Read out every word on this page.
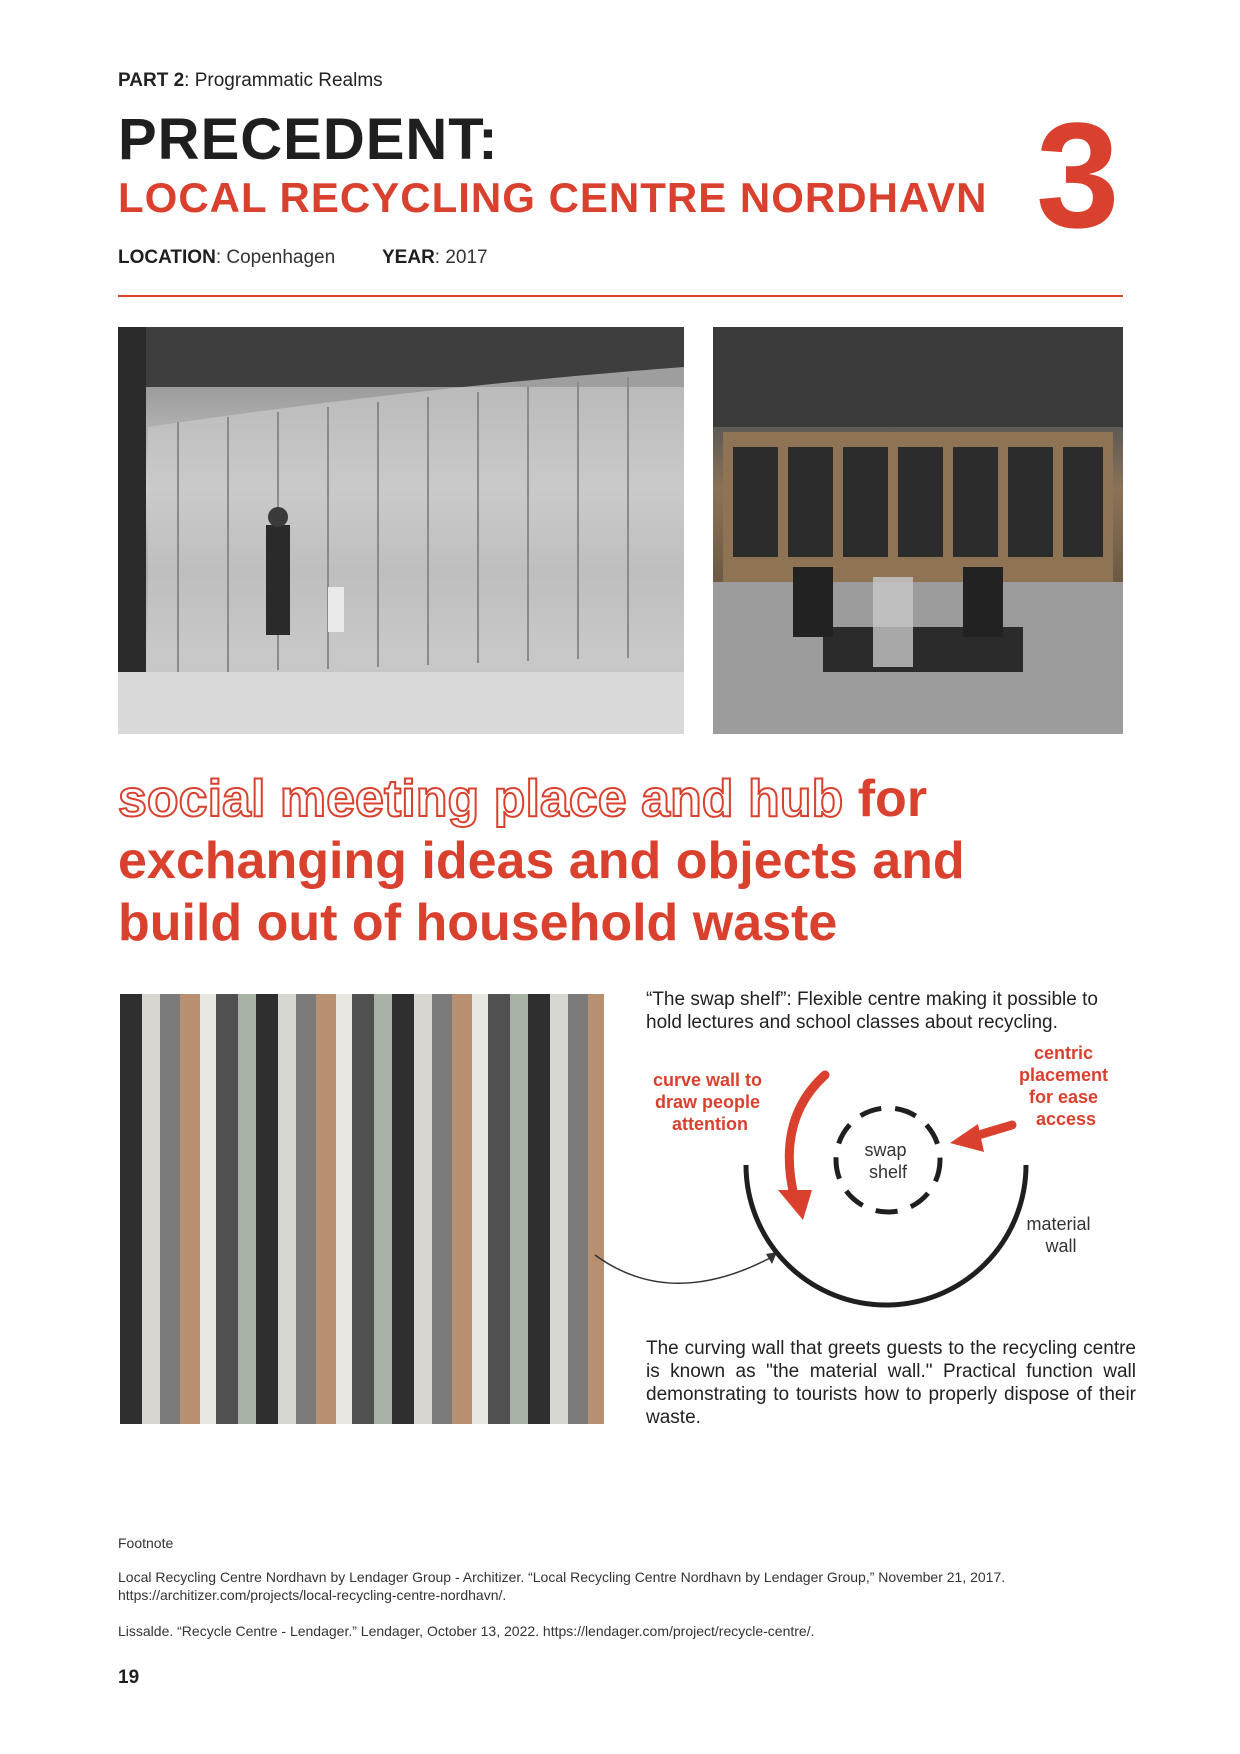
PART 2: Programmatic Realms
PRECEDENT:
LOCAL RECYCLING CENTRE NORDHAVN 3
LOCATION: Copenhagen YEAR: 2017
social meeting place and hub for
exchanging ideas and objects and
build out of household waste
“The swap shelf”: Flexible centre making it possible to hold lectures and school classes about recycling.
curve wall to draw people attention
centric placement for ease access
swap shelf
material wall
The curving wall that greets guests to the recycling centre is known as "the material wall." Practical function wall demonstrating to tourists how to properly dispose of their waste.
Footnote
Local Recycling Centre Nordhavn by Lendager Group - Architizer. “Local Recycling Centre Nordhavn by Lendager Group,” November 21, 2017. https://architizer.com/projects/local-recycling-centre-nordhavn/.
Lissalde. “Recycle Centre - Lendager.” Lendager, October 13, 2022. https://lendager.com/project/recycle-centre/.
19
